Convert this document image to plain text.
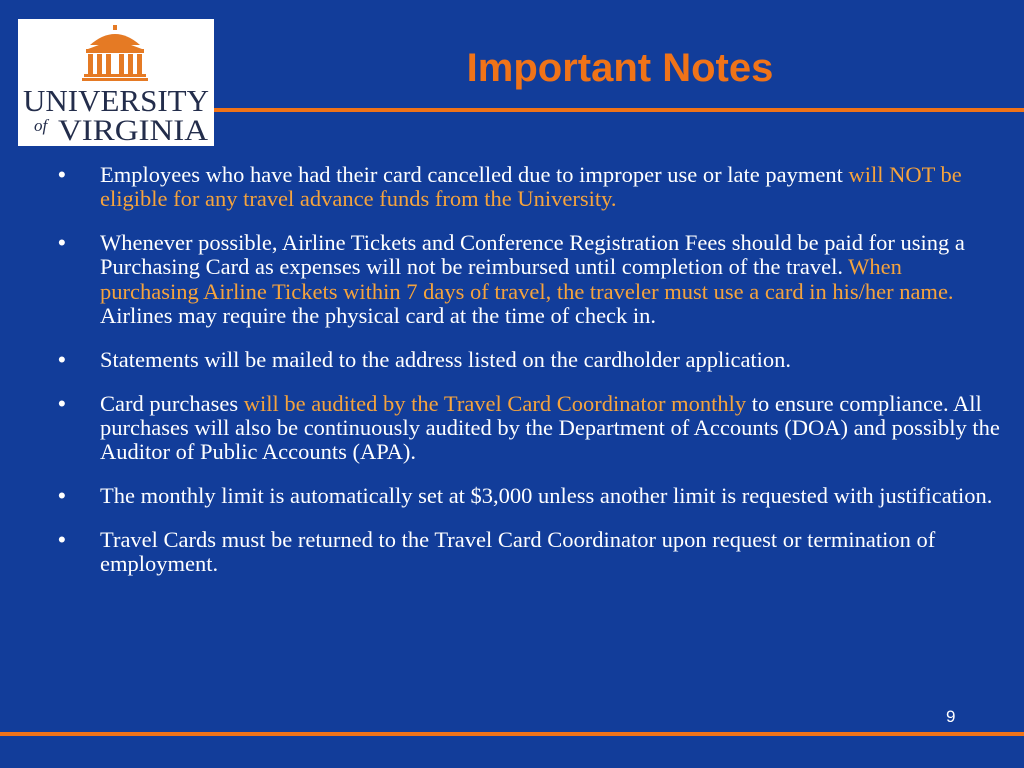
UNIVERSITY
of VIRGINIA
Important Notes
• Employees who have had their card cancelled due to improper use or late payment will NOT be eligible for any travel advance funds from the University.
• Whenever possible, Airline Tickets and Conference Registration Fees should be paid for using a Purchasing Card as expenses will not be reimbursed until completion of the travel. When purchasing Airline Tickets within 7 days of travel, the traveler must use a card in his/her name. Airlines may require the physical card at the time of check in.
• Statements will be mailed to the address listed on the cardholder application.
• Card purchases will be audited by the Travel Card Coordinator monthly to ensure compliance. All purchases will also be continuously audited by the Department of Accounts (DOA) and possibly the Auditor of Public Accounts (APA).
• The monthly limit is automatically set at $3,000 unless another limit is requested with justification.
• Travel Cards must be returned to the Travel Card Coordinator upon request or termination of employment.
9
